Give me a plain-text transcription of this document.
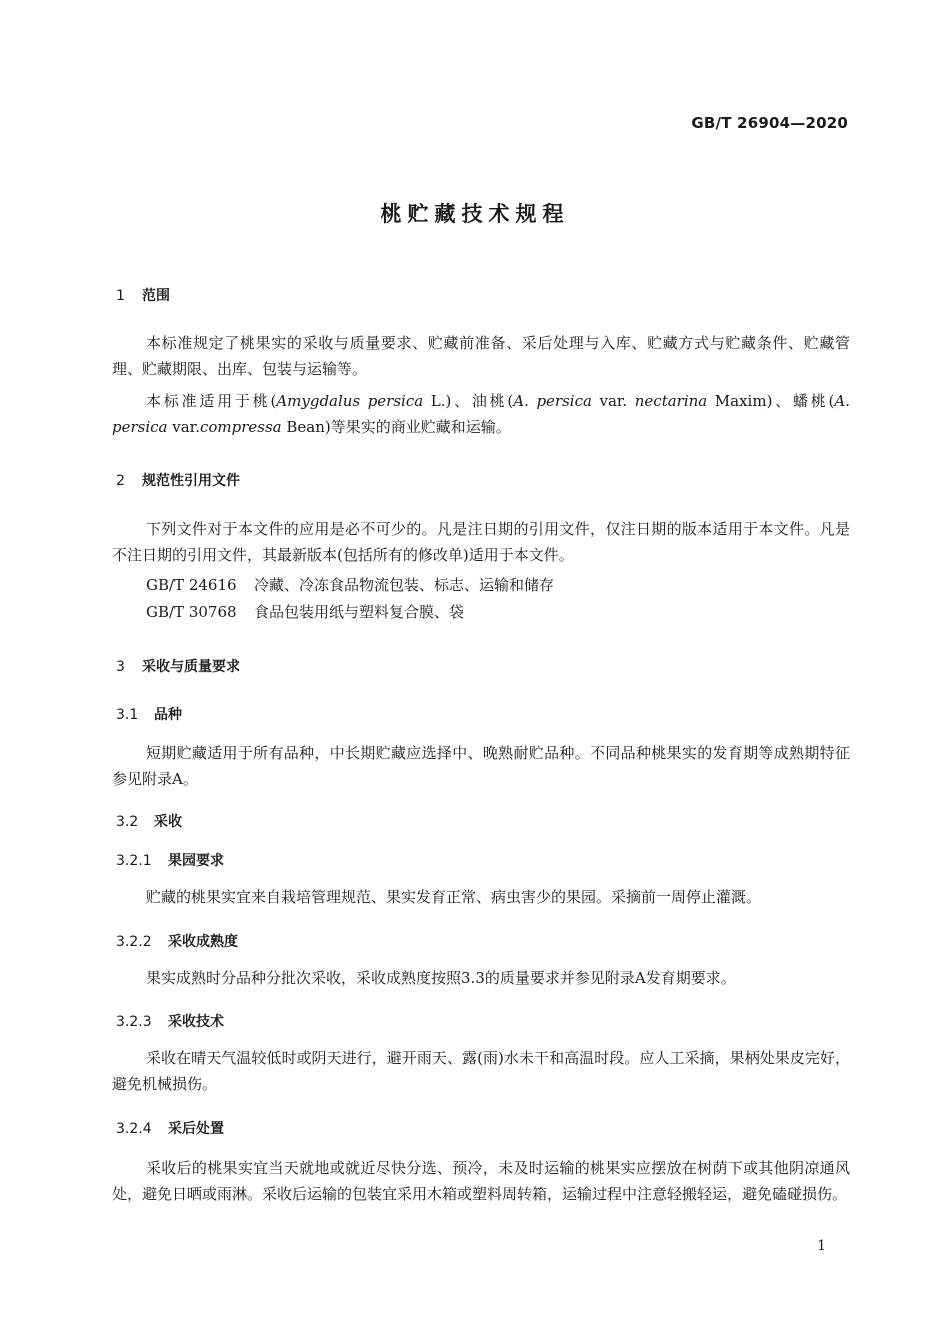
GB/T 26904—2020
桃贮藏技术规程
1 范围
本标准规定了桃果实的采收与质量要求、贮藏前准备、采后处理与入库、贮藏方式与贮藏条件、贮藏管理、贮藏期限、出库、包装与运输等。
本标准适用于桃(Amygdalus persica L.)、油桃(A. persica var. nectarina Maxim)、蟠桃(A. persica var.compressa Bean)等果实的商业贮藏和运输。
2 规范性引用文件
下列文件对于本文件的应用是必不可少的。凡是注日期的引用文件，仅注日期的版本适用于本文件。凡是不注日期的引用文件，其最新版本(包括所有的修改单)适用于本文件。
GB/T 24616 冷藏、冷冻食品物流包装、标志、运输和储存
GB/T 30768 食品包装用纸与塑料复合膜、袋
3 采收与质量要求
3.1 品种
短期贮藏适用于所有品种，中长期贮藏应选择中、晚熟耐贮品种。不同品种桃果实的发育期等成熟期特征参见附录A。
3.2 采收
3.2.1 果园要求
贮藏的桃果实宜来自栽培管理规范、果实发育正常、病虫害少的果园。采摘前一周停止灌溉。
3.2.2 采收成熟度
果实成熟时分品种分批次采收，采收成熟度按照3.3的质量要求并参见附录A发育期要求。
3.2.3 采收技术
采收在晴天气温较低时或阴天进行，避开雨天、露(雨)水未干和高温时段。应人工采摘，果柄处果皮完好，避免机械损伤。
3.2.4 采后处置
采收后的桃果实宜当天就地或就近尽快分选、预冷，未及时运输的桃果实应摆放在树荫下或其他阴凉通风处，避免日晒或雨淋。采收后运输的包装宜采用木箱或塑料周转箱，运输过程中注意轻搬轻运，避免磕碰损伤。
1
